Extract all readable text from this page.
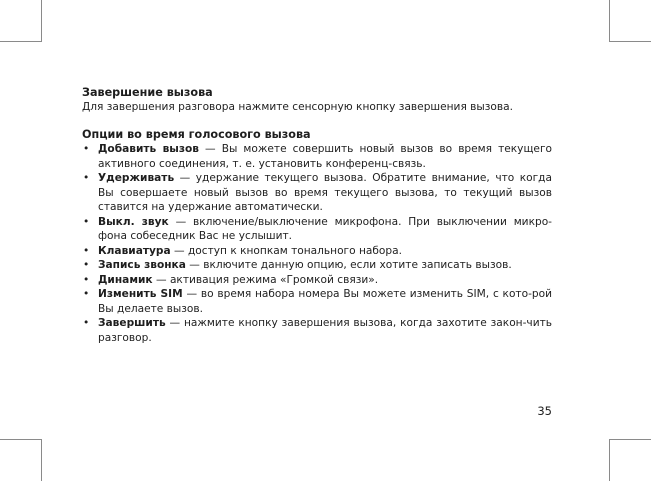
Завершение вызова

Для завершения разговора нажмите сенсорную кнопку завершения вызова.

Опции во время голосового вызова

• Добавить вызов — Вы можете совершить новый вызов во время текущего активного соединения, т. е. установить конференц-связь.
• Удерживать — удержание текущего вызова. Обратите внимание, что когда Вы совершаете новый вызов во время текущего вызова, то текущий вызов ставится на удержание автоматически.
• Выкл. звук — включение/выключение микрофона. При выключении микро-фона собеседник Вас не услышит.
• Клавиатура — доступ к кнопкам тонального набора.
• Запись звонка — включите данную опцию, если хотите записать вызов.
• Динамик — активация режима «Громкой связи».
• Изменить SIM — во время набора номера Вы можете изменить SIM, с кото-рой Вы делаете вызов.
• Завершить — нажмите кнопку завершения вызова, когда захотите закон-чить разговор.
35
